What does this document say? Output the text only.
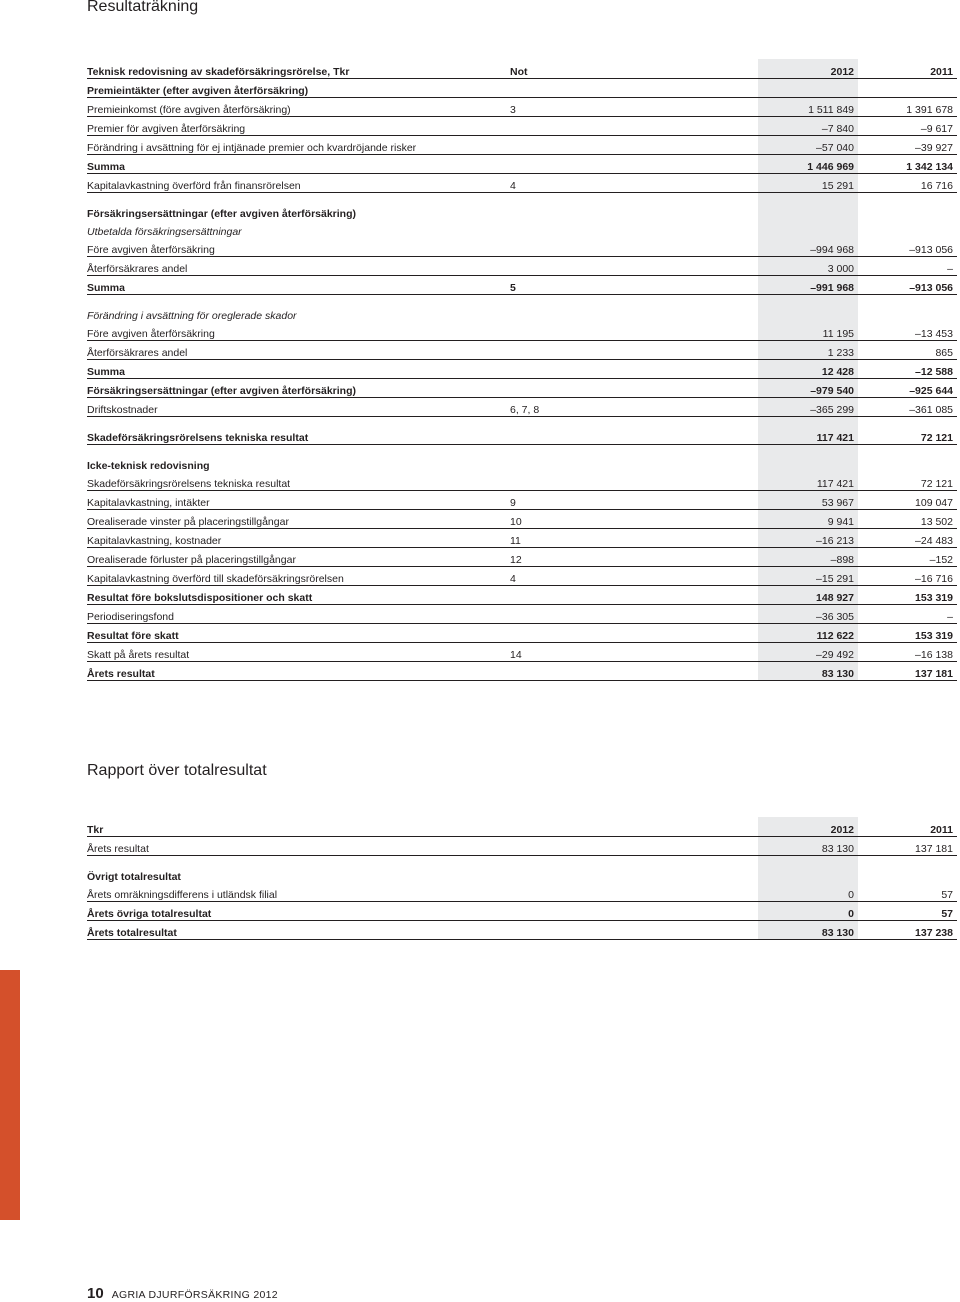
Resultaträkning
Teknisk redovisning av skadeförsäkringsrörelse, Tkr	Not	2012	2011
Premieintäkter (efter avgiven återförsäkring)			
Premieinkomst (före avgiven återförsäkring)	3	1 511 849	1 391 678
Premier för avgiven återförsäkring		–7 840	–9 617
Förändring i avsättning för ej intjänade premier och kvardröjande risker		–57 040	–39 927
Summa		1 446 969	1 342 134
Kapitalavkastning överförd från finansrörelsen	4	15 291	16 716

Försäkringsersättningar (efter avgiven återförsäkring)			
Utbetalda försäkringsersättningar			
Före avgiven återförsäkring		–994 968	–913 056
Återförsäkrares andel		3 000	–
Summa	5	–991 968	–913 056

Förändring i avsättning för oreglerade skador			
Före avgiven återförsäkring		11 195	–13 453
Återförsäkrares andel		1 233	865
Summa		12 428	–12 588
Försäkringsersättningar (efter avgiven återförsäkring)		–979 540	–925 644
Driftskostnader	6, 7, 8	–365 299	–361 085

Skadeförsäkringsrörelsens tekniska resultat		117 421	72 121

Icke-teknisk redovisning			
Skadeförsäkringsrörelsens tekniska resultat		117 421	72 121
Kapitalavkastning, intäkter	9	53 967	109 047
Orealiserade vinster på placeringstillgångar	10	9 941	13 502
Kapitalavkastning, kostnader	11	–16 213	–24 483
Orealiserade förluster på placeringstillgångar	12	–898	–152
Kapitalavkastning överförd till skadeförsäkringsrörelsen	4	–15 291	–16 716
Resultat före bokslutsdispositioner och skatt		148 927	153 319
Periodiseringsfond		–36 305	–
Resultat före skatt		112 622	153 319
Skatt på årets resultat	14	–29 492	–16 138
Årets resultat		83 130	137 181
Rapport över totalresultat
Tkr	2012	2011
Årets resultat	83 130	137 181

Övrigt totalresultat		
Årets omräkningsdifferens i utländsk filial	0	57
Årets övriga totalresultat	0	57
Årets totalresultat	83 130	137 238
10 AGRIA DJURFÖRSÄKRING 2012
